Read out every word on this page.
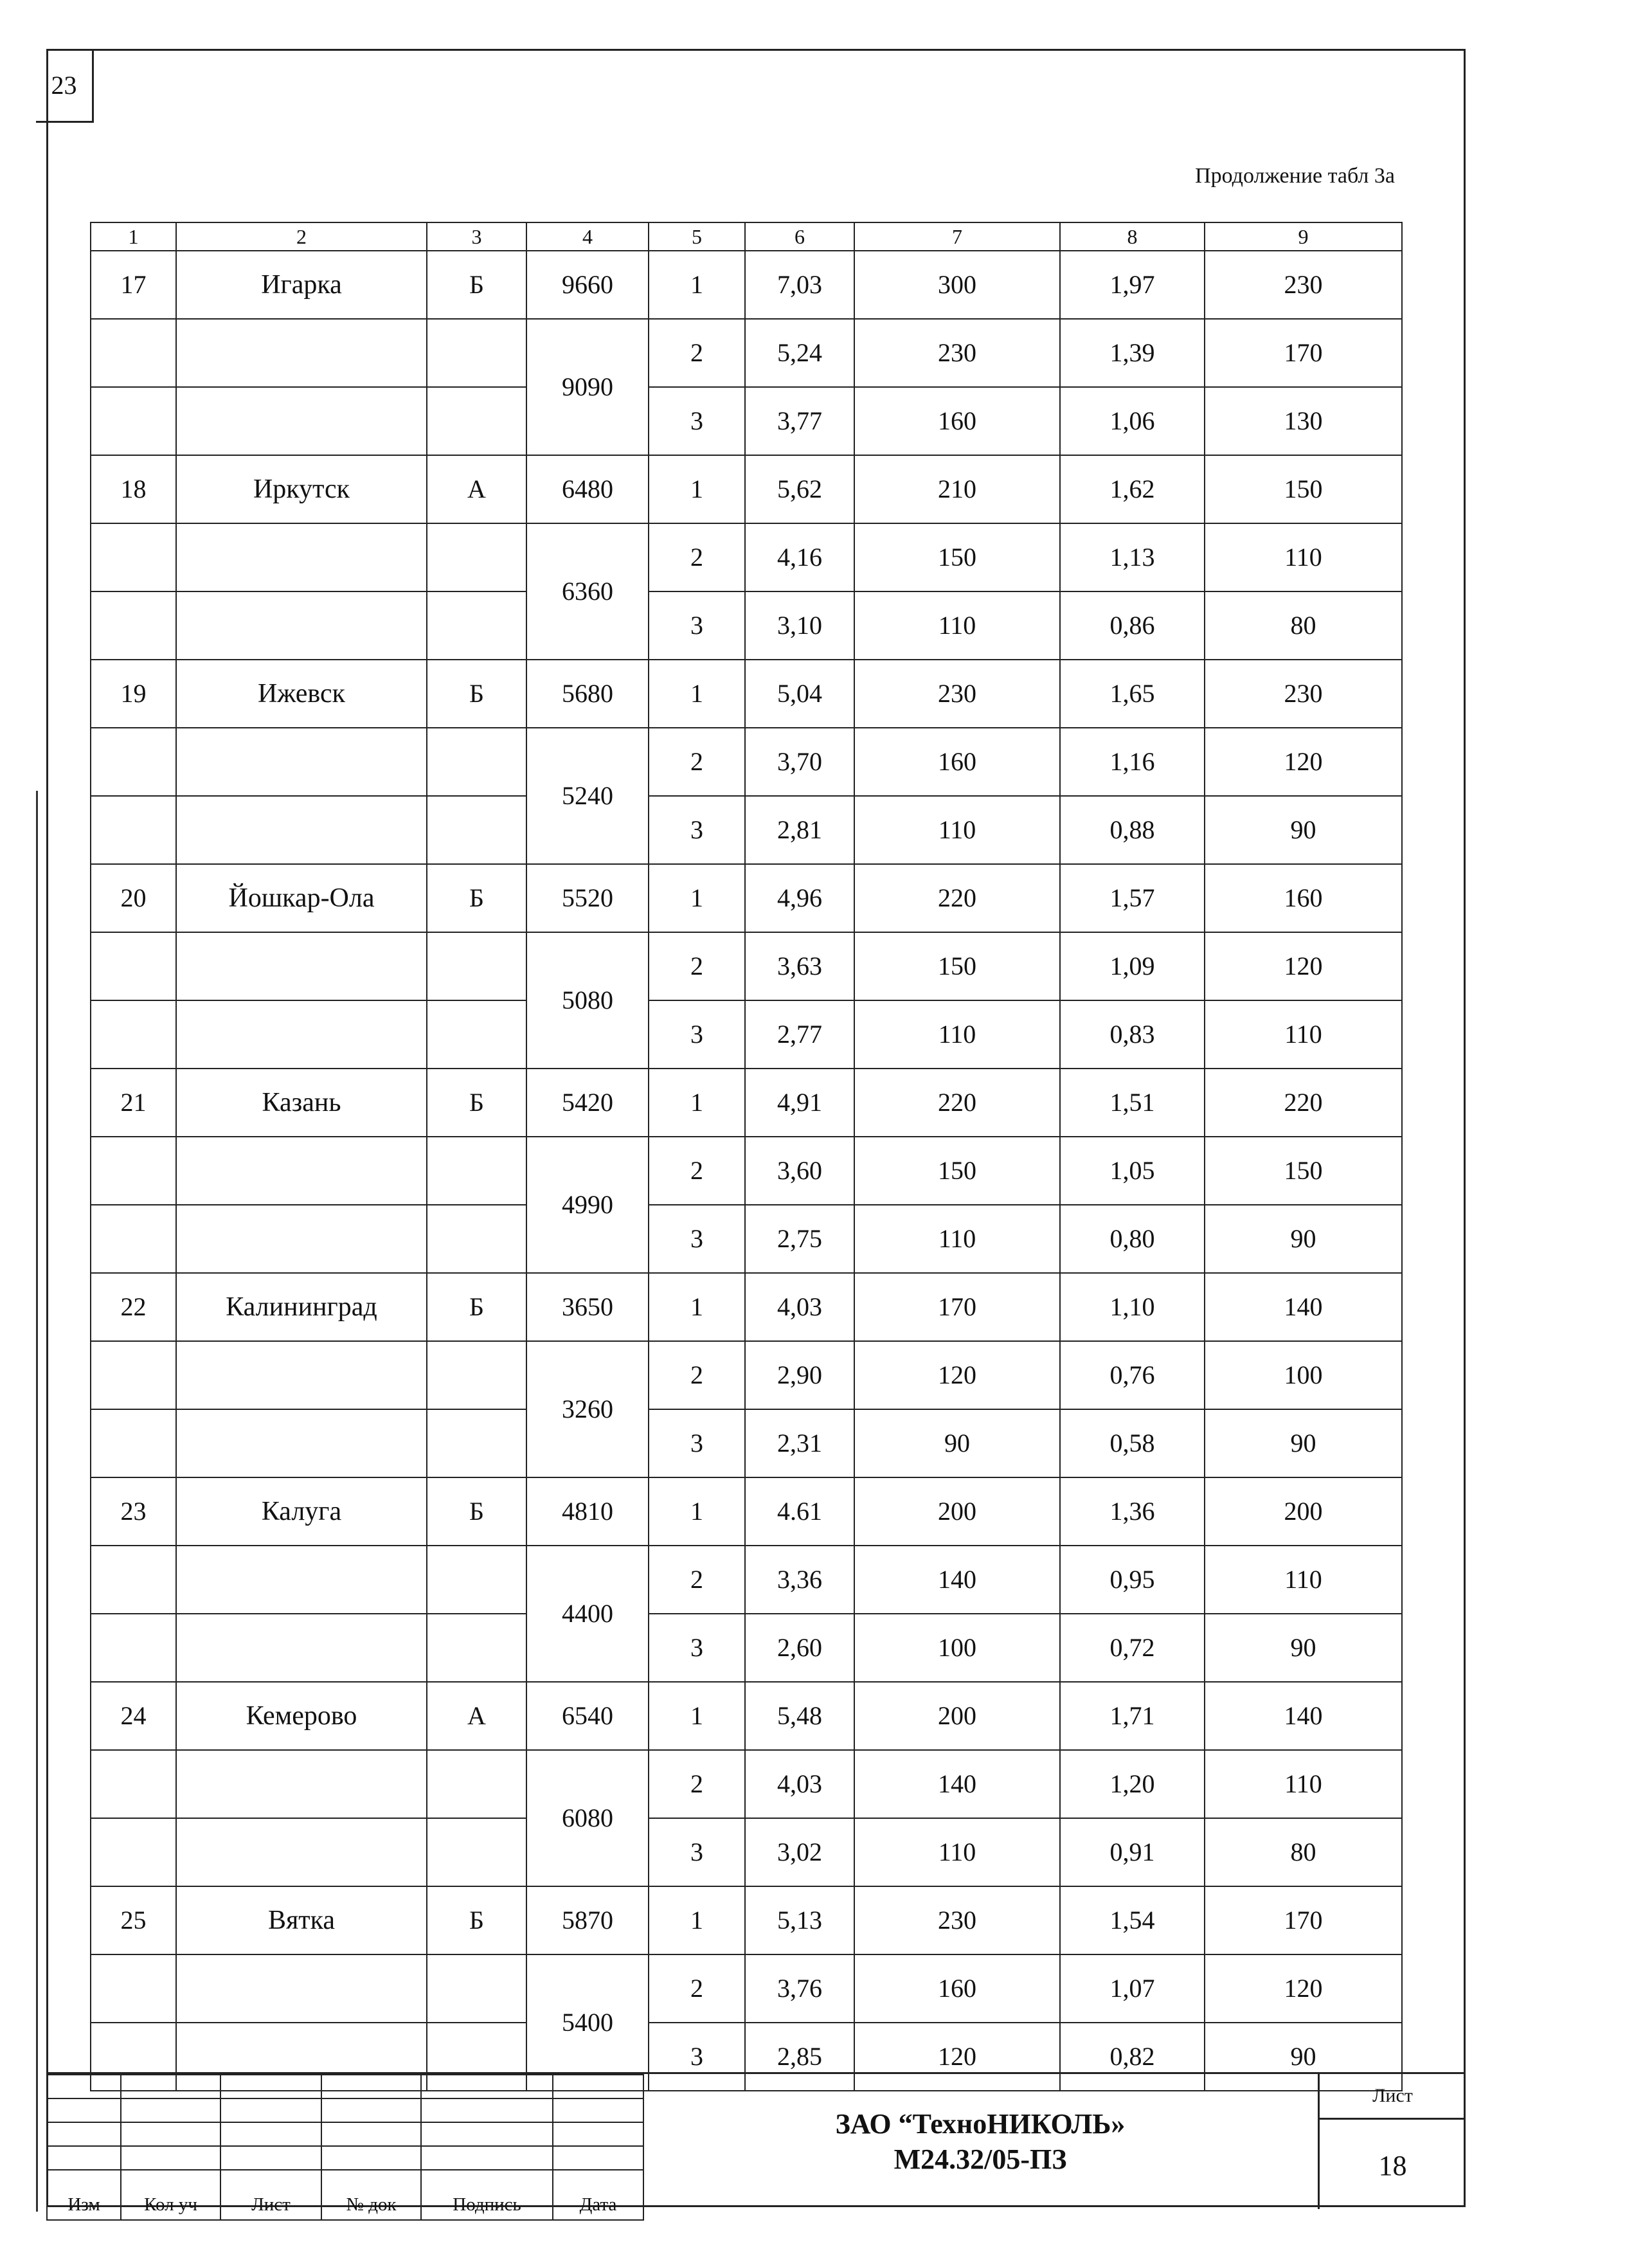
23
Продолжение табл 3а
1	2	3	4	5	6	7	8	9
17	Игарка	Б	9660	1	7,03	300	1,97	230
			9090	2	5,24	230	1,39	170
				3	3,77	160	1,06	130
18	Иркутск	А	6480	1	5,62	210	1,62	150
			6360	2	4,16	150	1,13	110
				3	3,10	110	0,86	80
19	Ижевск	Б	5680	1	5,04	230	1,65	230
			5240	2	3,70	160	1,16	120
				3	2,81	110	0,88	90
20	Йошкар-Ола	Б	5520	1	4,96	220	1,57	160
			5080	2	3,63	150	1,09	120
				3	2,77	110	0,83	110
21	Казань	Б	5420	1	4,91	220	1,51	220
			4990	2	3,60	150	1,05	150
				3	2,75	110	0,80	90
22	Калининград	Б	3650	1	4,03	170	1,10	140
			3260	2	2,90	120	0,76	100
				3	2,31	90	0,58	90
23	Калуга	Б	4810	1	4.61	200	1,36	200
			4400	2	3,36	140	0,95	110
				3	2,60	100	0,72	90
24	Кемерово	А	6540	1	5,48	200	1,71	140
			6080	2	4,03	140	1,20	110
				3	3,02	110	0,91	80
25	Вятка	Б	5870	1	5,13	230	1,54	170
			5400	2	3,76	160	1,07	120
				3	2,85	120	0,82	90

Изм	Кол уч	Лист	№ док	Подпись	Дата
ЗАО “ТехноНИКОЛЬ»
М24.32/05-ПЗ
Лист
18
